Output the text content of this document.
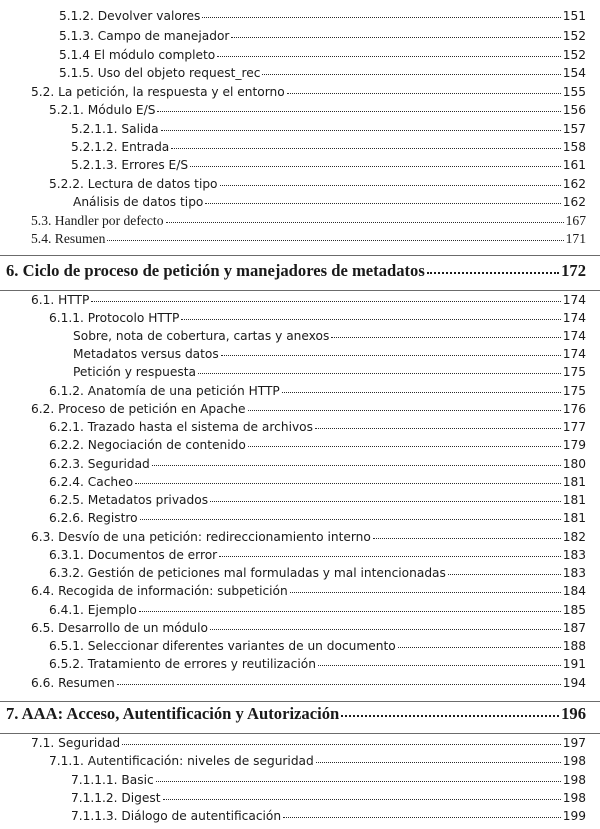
5.1.2. Devolver valores	151
5.1.3. Campo de manejador	152
5.1.4 El módulo completo	152
5.1.5. Uso del objeto request_rec	154
5.2. La petición, la respuesta y el entorno	155
5.2.1. Módulo E/S	156
5.2.1.1. Salida	157
5.2.1.2. Entrada	158
5.2.1.3. Errores E/S	161
5.2.2. Lectura de datos tipo	162
Análisis de datos tipo	162
5.3. Handler por defecto	167
5.4. Resumen	171
6. Ciclo de proceso de petición y manejadores de metadatos	172
6.1. HTTP	174
6.1.1. Protocolo HTTP	174
Sobre, nota de cobertura, cartas y anexos	174
Metadatos versus datos	174
Petición y respuesta	175
6.1.2. Anatomía de una petición HTTP	175
6.2. Proceso de petición en Apache	176
6.2.1. Trazado hasta el sistema de archivos	177
6.2.2. Negociación de contenido	179
6.2.3. Seguridad	180
6.2.4. Cacheo	181
6.2.5. Metadatos privados	181
6.2.6. Registro	181
6.3. Desvío de una petición: redireccionamiento interno	182
6.3.1. Documentos de error	183
6.3.2. Gestión de peticiones mal formuladas y mal intencionadas	183
6.4. Recogida de información: subpetición	184
6.4.1. Ejemplo	185
6.5. Desarrollo de un módulo	187
6.5.1. Seleccionar diferentes variantes de un documento	188
6.5.2. Tratamiento de errores y reutilización	191
6.6. Resumen	194
7. AAA: Acceso, Autentificación y Autorización	196
7.1. Seguridad	197
7.1.1. Autentificación: niveles de seguridad	198
7.1.1.1. Basic	198
7.1.1.2. Digest	198
7.1.1.3. Diálogo de autentificación	199
